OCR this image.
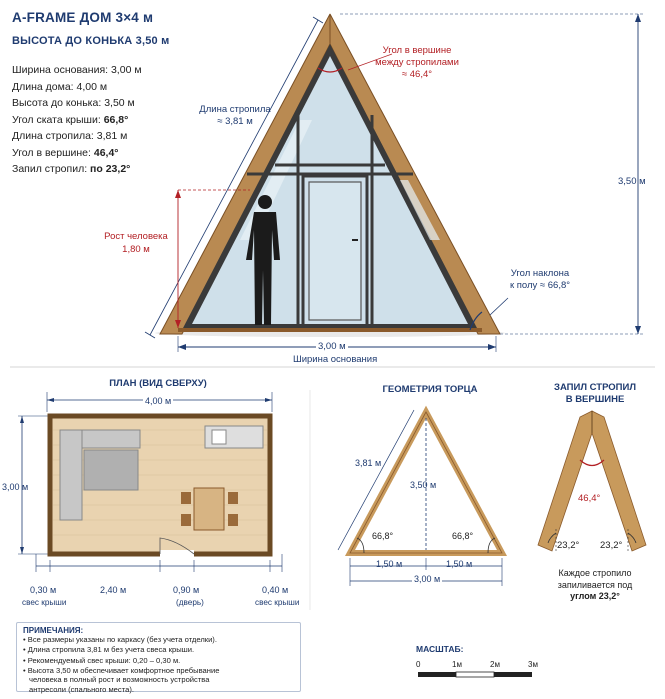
A-FRAME ДОМ 3×4 м
ВЫСОТА ДО КОНЬКА 3,50 м
Ширина основания: 3,00 м
Длина дома: 4,00 м
Высота до конька: 3,50 м
Угол ската крыши: 66,8°
Длина стропила: 3,81 м
Угол в вершине: 46,4°
Запил стропил: по 23,2°
Угол в вершине
между стропилами
≈ 46,4°
Длина стропила
≈ 3,81 м
3,50 м
Рост человека
1,80 м
Угол наклона
к полу ≈ 66,8°
3,00 м
Ширина основания
ПЛАН (ВИД СВЕРХУ)
4,00 м
3,00 м
0,30 м	2,40 м	0,90 м	0,40 м
свес крыши	(дверь)	свес крыши
ГЕОМЕТРИЯ ТОРЦА
3,81 м
3,50 м
66,8°	66,8°
1,50 м	1,50 м
3,00 м
ЗАПИЛ СТРОПИЛ
В ВЕРШИНЕ
46,4°
23,2° 23,2°
Каждое стропило
запиливается под
углом 23,2°
ПРИМЕЧАНИЯ:
• Все размеры указаны по каркасу (без учета отделки).
• Длина стропила 3,81 м без учета свеса крыши.
• Рекомендуемый свес крыши: 0,20 – 0,30 м.
• Высота 3,50 м обеспечивает комфортное пребывание
человека в полный рост и возможность устройства
антресоли (спального места).
МАСШТАБ:
0	1м	2м	3м
